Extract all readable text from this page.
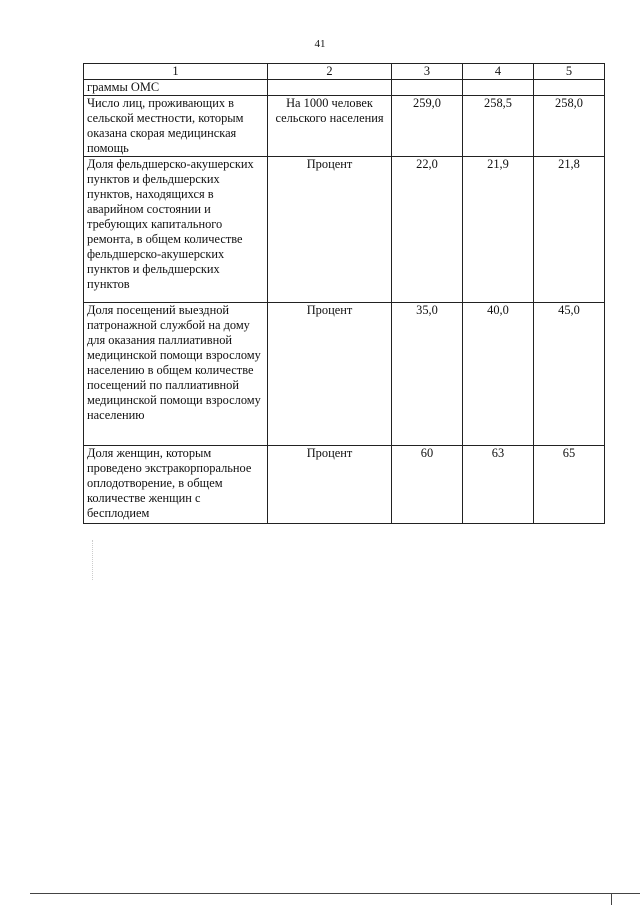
41
1	2	3	4	5
граммы ОМС				
Число лиц, проживающих в сельской местности, которым оказана скорая медицинская помощь	На 1000 человек сельского населения	259,0	258,5	258,0
Доля фельдшерско-акушерских пунктов и фельдшерских пунктов, находящихся в аварийном состоянии и требующих капитального ремонта, в общем количестве фельдшерско-акушерских пунктов и фельдшерских пунктов	Процент	22,0	21,9	21,8
Доля посещений выездной патронажной службой на дому для оказания паллиативной медицинской помощи взрослому населению в общем количестве посещений по паллиативной медицинской помощи взрослому населению	Процент	35,0	40,0	45,0
Доля женщин, которым проведено экстракорпоральное оплодотворение, в общем количестве женщин с бесплодием	Процент	60	63	65
